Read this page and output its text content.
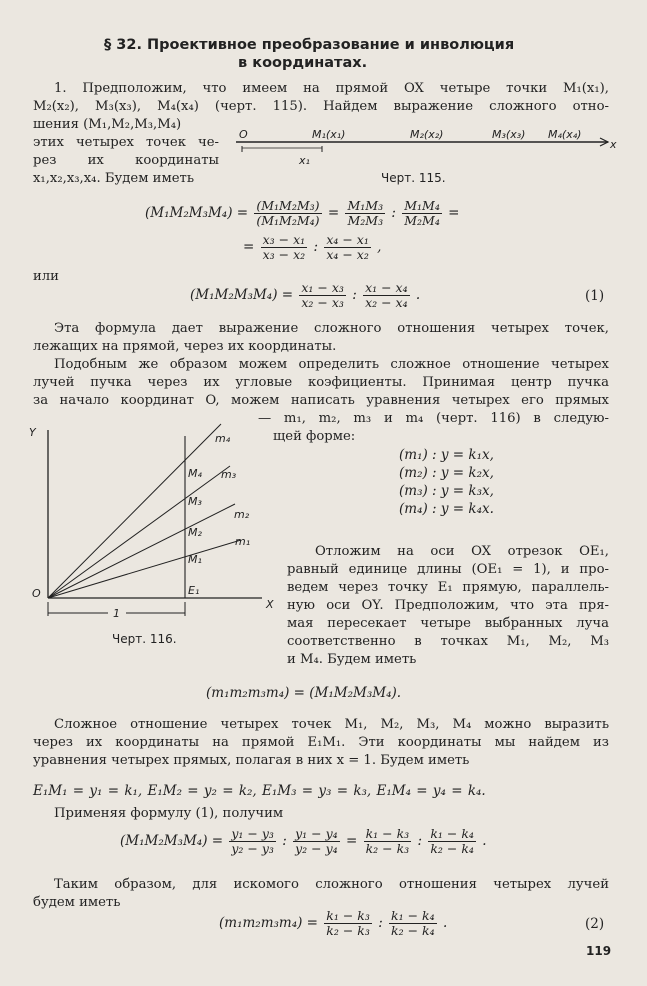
§ 32. Проективное преобразование и инволюция
в координатах.
1. Предположим, что имеем на прямой OX четыре точки M₁(x₁),
M₂(x₂), M₃(x₃), M₄(x₄) (черт. 115). Найдем выражение сложного отно-
шения (M₁,M₂,M₃,M₄)
этих четырех точек че-
рез их координаты
x₁,x₂,x₃,x₄. Будем иметь
O	M₁(x₁)	M₂(x₂)	M₃(x₃) M₄(x₄)
x
x₁
Черт. 115.
$(M_1M_2M_3M_4) = \frac{\text{(M₁M₂M₃)}}{\text{(M₁M₂M₄)}} = \frac{\text{M₁M₃}}{\text{M₂M₃}}$ : $\frac{\text{M₁M₄}}{\text{M₂M₄}}$ =
= $\frac{\text{x₃ − x₁}}{\text{x₃ − x₂}}$ : $\frac{\text{x₄ − x₁}}{\text{x₄ − x₂}}$ ,
или
$(M_1M_2M_3M_4) = \frac{\text{x₁ − x₃}}{\text{x₂ − x₃}}$ : $\frac{\text{x₁ − x₄}}{\text{x₂ − x₄}}$ .	(1)
Эта формула дает выражение сложного отношения четырех точек,
лежащих на прямой, через их координаты.
Подобным же образом можем определить сложное отношение четырех
лучей пучка через их угловые коэфициенты. Принимая центр пучка
за начало координат O, можем написать уравнения четырех его прямых
— m₁, m₂, m₃ и m₄ (черт. 116) в следую-
щей форме:
(m₁) : y = k₁x,
(m₂) : y = k₂x,
(m₃) : y = k₃x,
(m₄) : y = k₄x.
Y
O
X
E₁
1
m₄
m₃
m₂
m₁
M₄
M₃
M₂
M₁
Черт. 116.
Отложим на оси OX отрезок OE₁,
равный единице длины (OE₁ = 1), и про-
ведем через точку E₁ прямую, параллель-
ную оси OY. Предположим, что эта пря-
мая пересекает четыре выбранных луча
соответственно в точках M₁, M₂, M₃
и M₄. Будем иметь
(m₁m₂m₃m₄) = (M₁M₂M₃M₄).
Сложное отношение четырех точек M₁, M₂, M₃, M₄ можно выразить
через их координаты на прямой E₁M₁. Эти координаты мы найдем из
уравнения четырех прямых, полагая в них x = 1. Будем иметь
E₁M₁ = y₁ = k₁, E₁M₂ = y₂ = k₂, E₁M₃ = y₃ = k₃, E₁M₄ = y₄ = k₄.
Применяя формулу (1), получим
$(M_1M_2M_3M_4) = \frac{\text{y₁ − y₃}}{\text{y₂ − y₃}}$ : $\frac{\text{y₁ − y₄}}{\text{y₂ − y₄}} = \frac{\text{k₁ − k₃}}{\text{k₂ − k₃}}$ : $\frac{\text{k₁ − k₄}}{\text{k₂ − k₄}}$ .
Таким образом, для искомого сложного отношения четырех лучей
будем иметь
$(m_1m_2m_3m_4) = \frac{\text{k₁ − k₃}}{\text{k₂ − k₃}}$ : $\frac{\text{k₁ − k₄}}{\text{k₂ − k₄}}$ .	(2)
119
